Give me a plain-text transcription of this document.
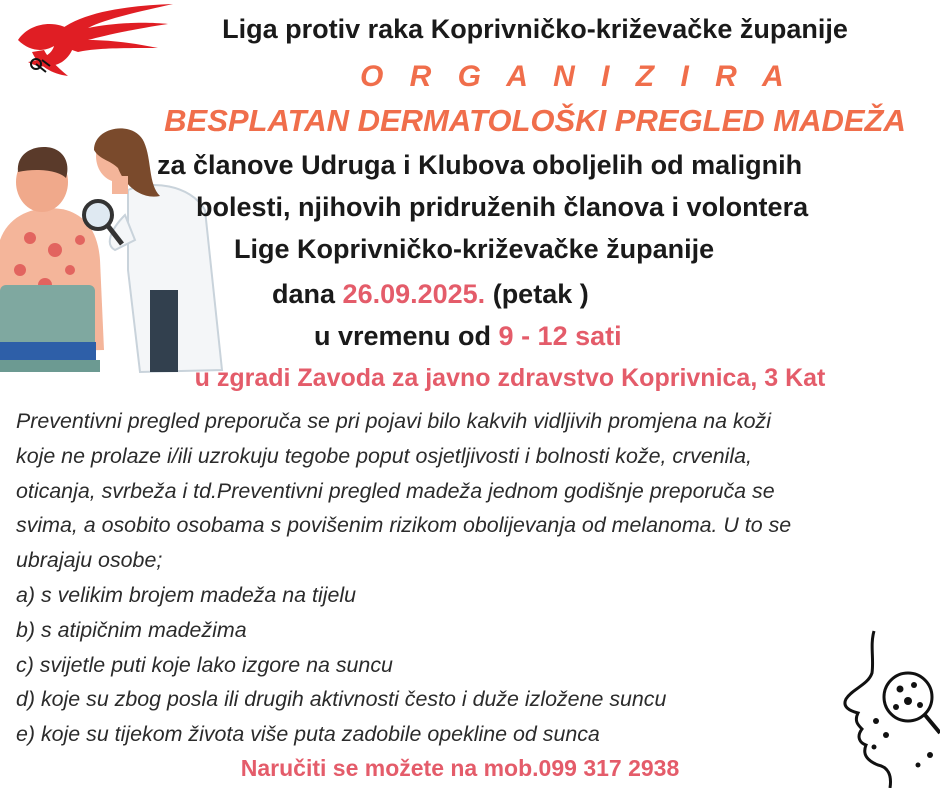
Liga protiv raka Koprivničko-križevačke županije
O R G A N I Z I R A
BESPLATAN DERMATOLOŠKI PREGLED MADEŽA
za članove Udruga i Klubova oboljelih od malignih
bolesti, njihovih pridruženih članova i volontera
Lige Koprivničko-križevačke županije
dana 26.09.2025. (petak )
u vremenu od 9 - 12 sati
u zgradi Zavoda za javno zdravstvo Koprivnica, 3 Kat
Preventivni pregled preporuča se pri pojavi bilo kakvih vidljivih promjena na koži
koje ne prolaze i/ili uzrokuju tegobe poput osjetljivosti i bolnosti kože, crvenila,
oticanja, svrbeža i td.Preventivni pregled madeža jednom godišnje preporuča se
svima, a osobito osobama s povišenim rizikom obolijevanja od melanoma. U to se
ubrajaju osobe;
a) s velikim brojem madeža na tijelu
b) s atipičnim madežima
c) svijetle puti koje lako izgore na suncu
d) koje su zbog posla ili drugih aktivnosti često i duže izložene suncu
e) koje su tijekom života više puta zadobile opekline od sunca
Naručiti se možete na mob.099 317 2938
